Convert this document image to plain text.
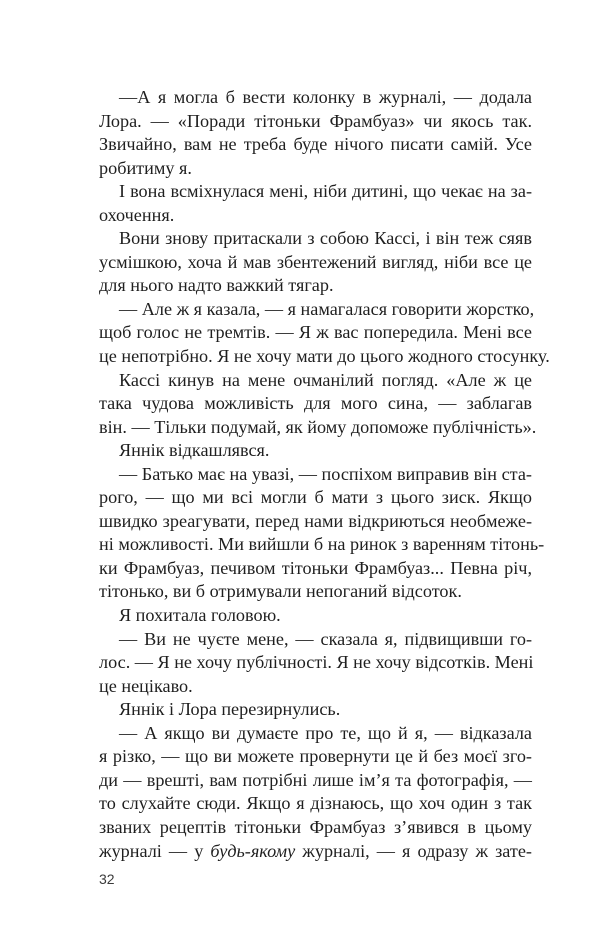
—А я могла б вести колонку в журналі, — додала
Лора. — «Поради тітоньки Фрамбуаз» чи якось так.
Звичайно, вам не треба буде нічого писати самій. Усе
робитиму я.
І вона всміхнулася мені, ніби дитині, що чекає на за-
охочення.
Вони знову притаскали з собою Кассі, і він теж сяяв
усмішкою, хоча й мав збентежений вигляд, ніби все це
для нього надто важкий тягар.
— Але ж я казала, — я намагалася говорити жорстко,
щоб голос не тремтів. — Я ж вас попередила. Мені все
це непотрібно. Я не хочу мати до цього жодного стосунку.
Кассі кинув на мене очманілий погляд. «Але ж це
така чудова можливість для мого сина, — заблагав
він. — Тільки подумай, як йому допоможе публічність».
Яннік відкашлявся.
— Батько має на увазі, — поспіхом виправив він ста-
рого, — що ми всі могли б мати з цього зиск. Якщо
швидко зреагувати, перед нами відкриються необмеже-
ні можливості. Ми вийшли б на ринок з варенням тітонь-
ки Фрамбуаз, печивом тітоньки Фрамбуаз... Певна річ,
тітонько, ви б отримували непоганий відсоток.
Я похитала головою.
— Ви не чуєте мене, — сказала я, підвищивши го-
лос. — Я не хочу публічності. Я не хочу відсотків. Мені
це нецікаво.
Яннік і Лора перезирнулись.
— А якщо ви думаєте про те, що й я, — відказала
я різко, — що ви можете провернути це й без моєї зго-
ди — врешті, вам потрібні лише ім’я та фотографія, —
то слухайте сюди. Якщо я дізнаюсь, що хоч один з так
званих рецептів тітоньки Фрамбуаз з’явився в цьому
журналі — у будь-якому журналі, — я одразу ж зате-
32
